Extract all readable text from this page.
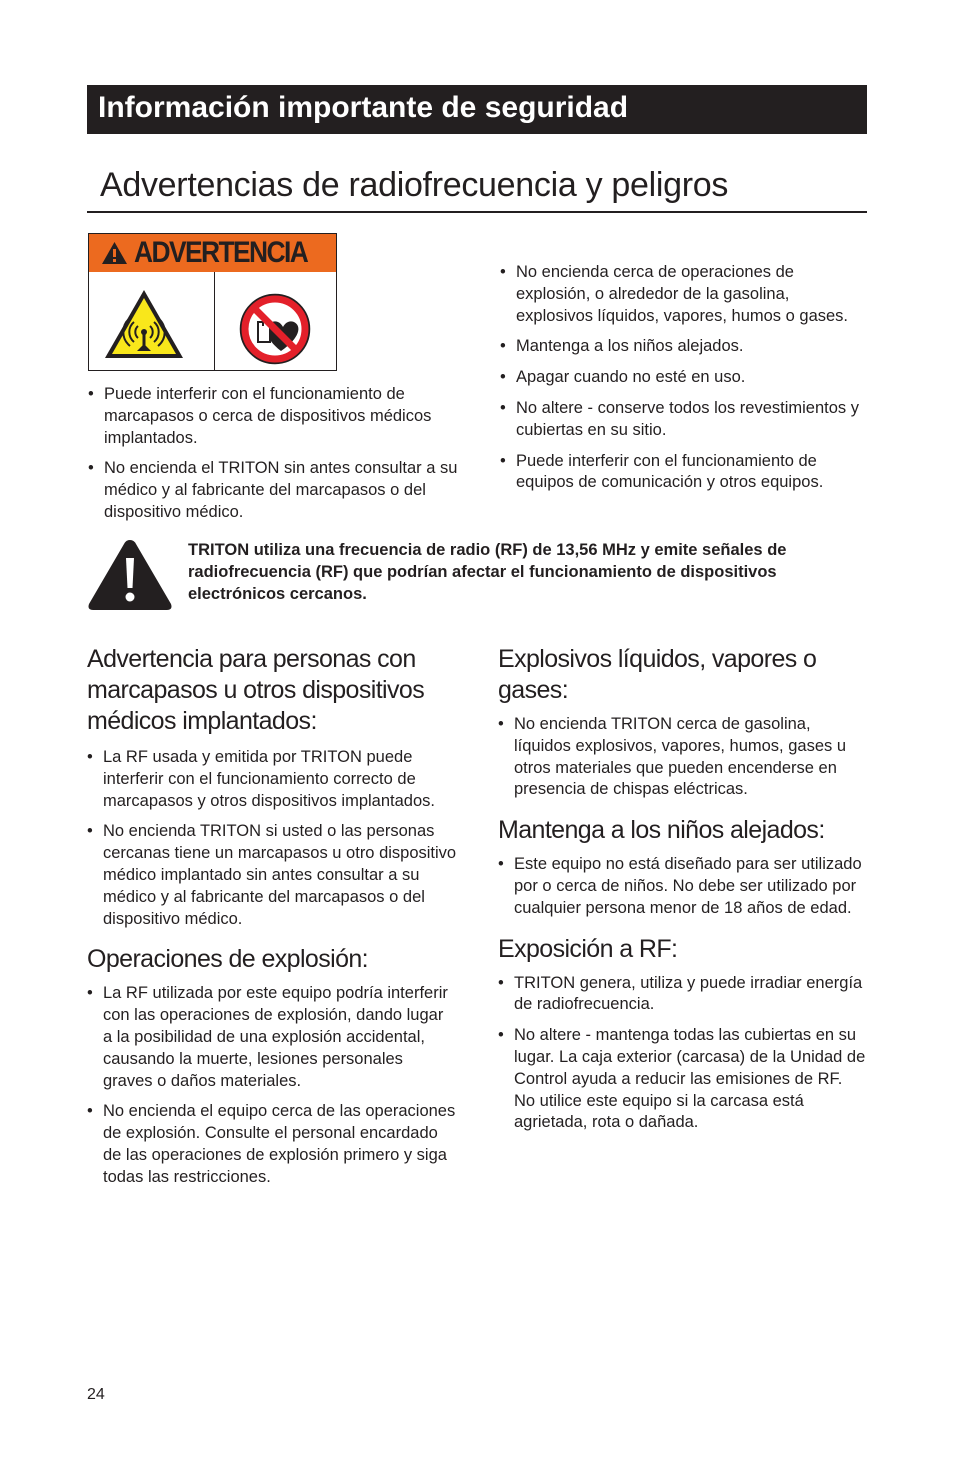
Información importante de seguridad
Advertencias de radiofrecuencia y peligros
ADVERTENCIA
• Puede interferir con el funcionamiento de marcapasos o cerca de dispositivos médicos implantados.
• No encienda el TRITON sin antes consultar a su médico y al fabricante del marcapasos o del dispositivo médico.
• No encienda cerca de operaciones de explosión, o alrededor de la gasolina, explosivos líquidos, vapores, humos o gases.
• Mantenga a los niños alejados.
• Apagar cuando no esté en uso.
• No altere - conserve todos los revestimientos y cubiertas en su sitio.
• Puede interferir con el funcionamiento de equipos de comunicación y otros equipos.
TRITON utiliza una frecuencia de radio (RF) de 13,56 MHz y emite señales de radiofrecuencia (RF) que podrían afectar el funcionamiento de dispositivos electrónicos cercanos.
Advertencia para personas con marcapasos u otros dispositivos médicos implantados:
• La RF usada y emitida por TRITON puede interferir con el funcionamiento correcto de marcapasos y otros dispositivos implantados.
• No encienda TRITON si usted o las personas cercanas tiene un marcapasos u otro dispositivo médico implantado sin antes consultar a su médico y al fabricante del marcapasos o del dispositivo médico.
Operaciones de explosión:
• La RF utilizada por este equipo podría interferir con las operaciones de explosión, dando lugar a la posibilidad de una explosión accidental, causando la muerte, lesiones personales graves o daños materiales.
• No encienda el equipo cerca de las operaciones de explosión. Consulte el personal encardado de las operaciones de explosión primero y siga todas las restricciones.
Explosivos líquidos, vapores o gases:
• No encienda TRITON cerca de gasolina, líquidos explosivos, vapores, humos, gases u otros materiales que pueden encenderse en presencia de chispas eléctricas.
Mantenga a los niños alejados:
• Este equipo no está diseñado para ser utilizado por o cerca de niños. No debe ser utilizado por cualquier persona menor de 18 años de edad.
Exposición a RF:
• TRITON genera, utiliza y puede irradiar energía de radiofrecuencia.
• No altere - mantenga todas las cubiertas en su lugar. La caja exterior (carcasa) de la Unidad de Control ayuda a reducir las emisiones de RF. No utilice este equipo si la carcasa está agrietada, rota o dañada.
24
